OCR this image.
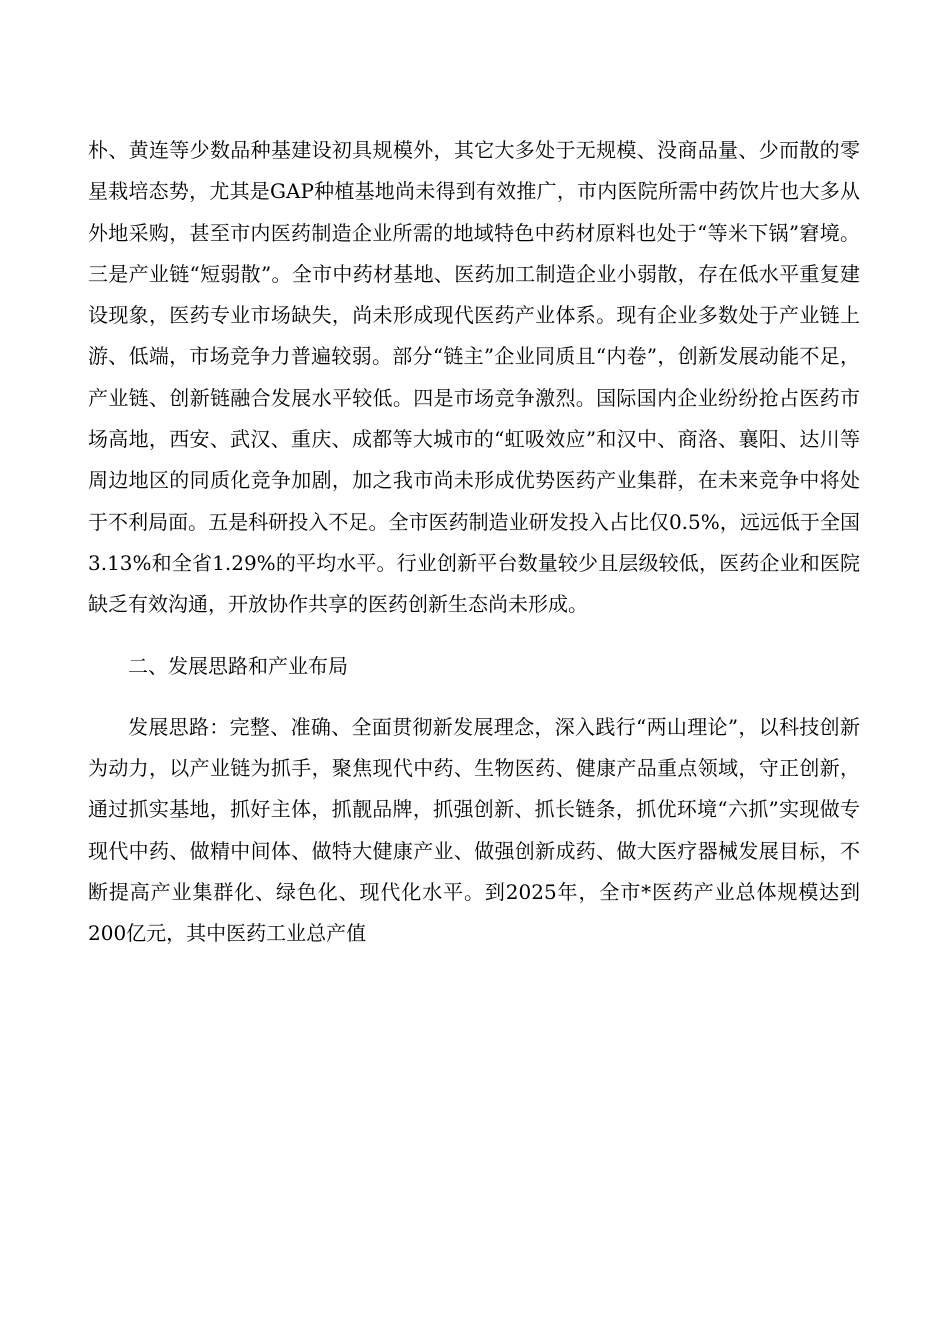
朴、黄连等少数品种基建设初具规模外，其它大多处于无规模、没商品量、少而散的零星栽培态势，尤其是GAP种植基地尚未得到有效推广，市内医院所需中药饮片也大多从外地采购，甚至市内医药制造企业所需的地域特色中药材原料也处于“等米下锅”窘境。三是产业链“短弱散”。全市中药材基地、医药加工制造企业小弱散，存在低水平重复建设现象，医药专业市场缺失，尚未形成现代医药产业体系。现有企业多数处于产业链上游、低端，市场竞争力普遍较弱。部分“链主”企业同质且“内卷”，创新发展动能不足，产业链、创新链融合发展水平较低。四是市场竞争激烈。国际国内企业纷纷抢占医药市场高地，西安、武汉、重庆、成都等大城市的“虹吸效应”和汉中、商洛、襄阳、达川等周边地区的同质化竞争加剧，加之我市尚未形成优势医药产业集群，在未来竞争中将处于不利局面。五是科研投入不足。全市医药制造业研发投入占比仅0.5%，远远低于全国3.13%和全省1.29%的平均水平。行业创新平台数量较少且层级较低，医药企业和医院缺乏有效沟通，开放协作共享的医药创新生态尚未形成。

二、发展思路和产业布局

发展思路：完整、准确、全面贯彻新发展理念，深入践行“两山理论”，以科技创新为动力，以产业链为抓手，聚焦现代中药、生物医药、健康产品重点领域，守正创新，通过抓实基地，抓好主体，抓靓品牌，抓强创新、抓长链条，抓优环境“六抓”实现做专现代中药、做精中间体、做特大健康产业、做强创新成药、做大医疗器械发展目标，不断提高产业集群化、绿色化、现代化水平。到2025年，全市*医药产业总体规模达到200亿元，其中医药工业总产值
